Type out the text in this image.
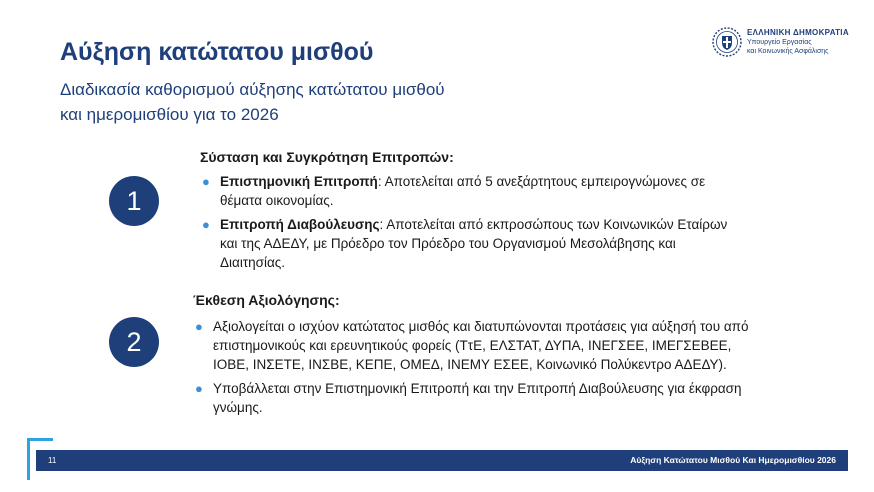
Αύξηση κατώτατου μισθού
Διαδικασία καθορισμού αύξησης κατώτατου μισθού
και ημερομισθίου για το 2026
ΕΛΛΗΝΙΚΗ ΔΗΜΟΚΡΑΤΙΑ
Υπουργείο Εργασίας
και Κοινωνικής Ασφάλισης
1
Σύσταση και Συγκρότηση Επιτροπών:
● Επιστημονική Επιτροπή: Αποτελείται από 5 ανεξάρτητους εμπειρογνώμονες σε θέματα οικονομίας.
● Επιτροπή Διαβούλευσης: Αποτελείται από εκπροσώπους των Κοινωνικών Εταίρων και της ΑΔΕΔΥ, με Πρόεδρο τον Πρόεδρο του Οργανισμού Μεσολάβησης και Διαιτησίας.
2
Έκθεση Αξιολόγησης:
● Αξιολογείται ο ισχύον κατώτατος μισθός και διατυπώνονται προτάσεις για αύξησή του από επιστημονικούς και ερευνητικούς φορείς (ΤτΕ, ΕΛΣΤΑΤ, ΔΥΠΑ, ΙΝΕΓΣΕΕ, ΙΜΕΓΣΕΒΕΕ, ΙΟΒΕ, ΙΝΣΕΤΕ, ΙΝΣΒΕ, ΚΕΠΕ, ΟΜΕΔ, ΙΝΕΜΥ ΕΣΕΕ, Κοινωνικό Πολύκεντρο ΑΔΕΔΥ).
● Υποβάλλεται στην Επιστημονική Επιτροπή και την Επιτροπή Διαβούλευσης για έκφραση γνώμης.
11	Αύξηση Κατώτατου Μισθού Και Ημερομισθίου 2026
